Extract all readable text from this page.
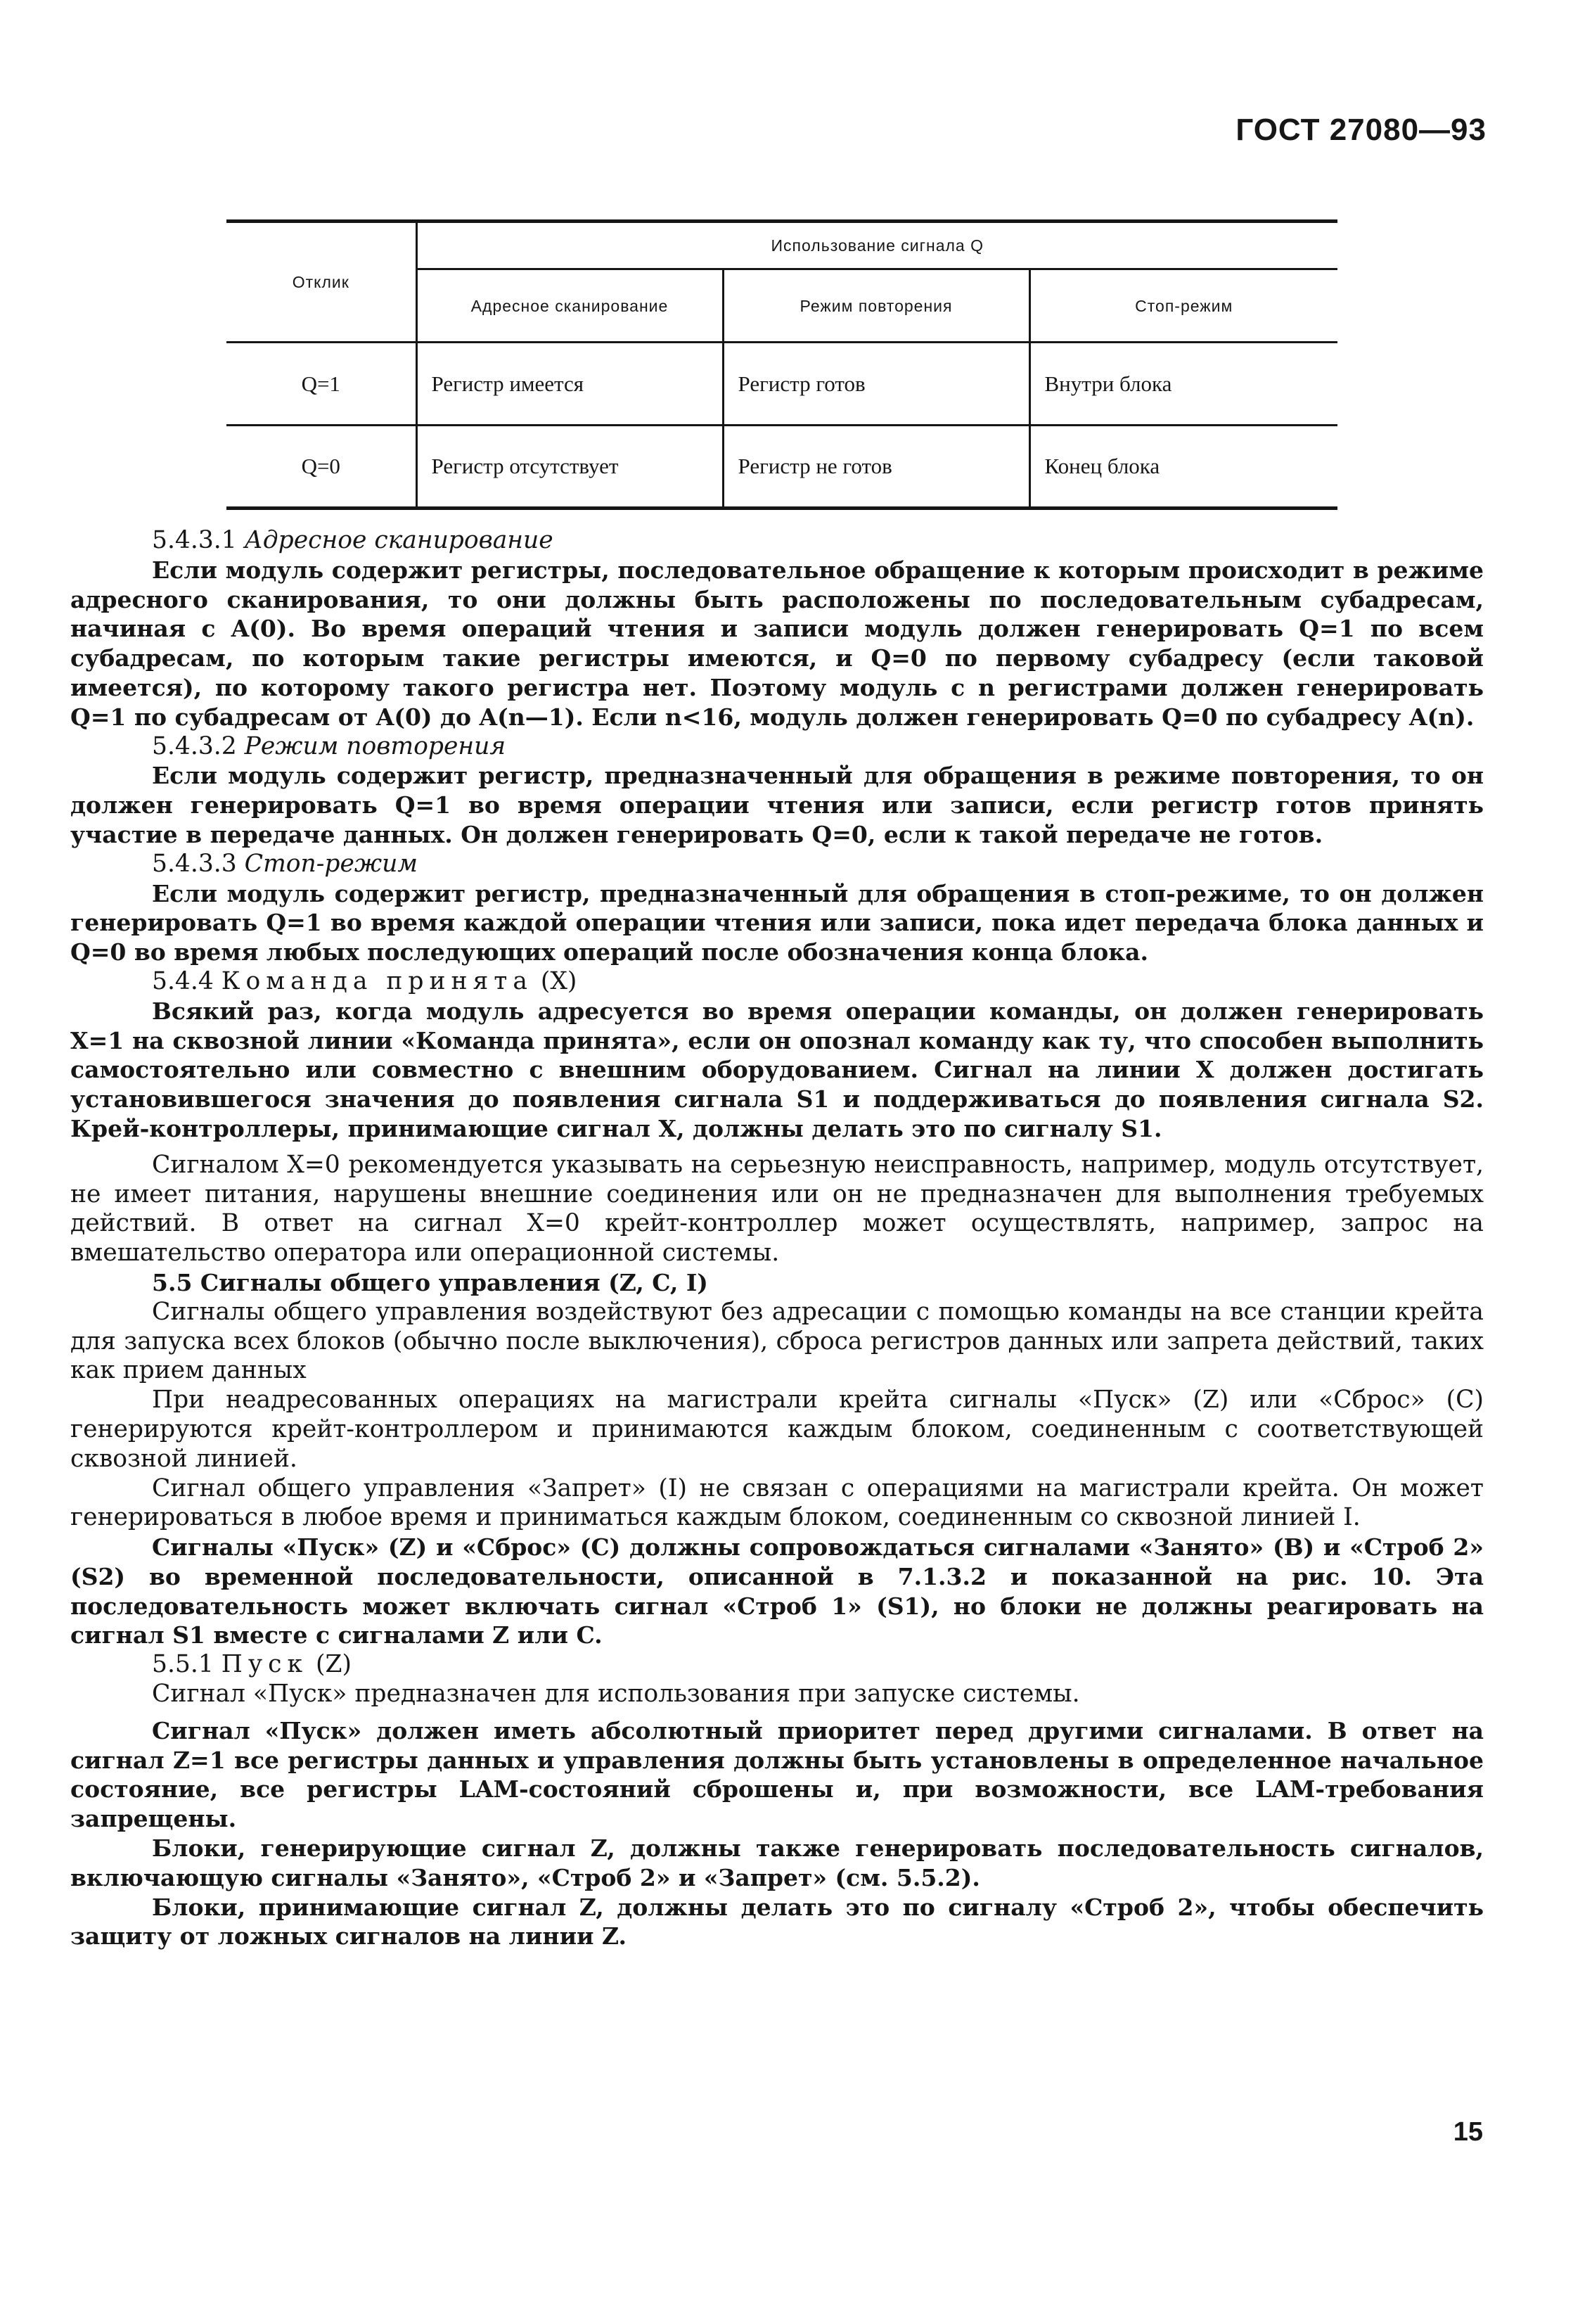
ГОСТ 27080—93
Отклик	Использование сигнала Q		
	Адресное сканирование	Режим повторения	Стоп-режим
Q=1	Регистр имеется	Регистр готов	Внутри блока
Q=0	Регистр отсутствует	Регистр не готов	Конец блока

5.4.3.1 Адресное сканирование

Если модуль содержит регистры, последовательное обращение к которым происходит в режиме адресного сканирования, то они должны быть расположены по последовательным субадресам, начиная с A(0). Во время операций чтения и записи модуль должен генерировать Q=1 по всем субадресам, по которым такие регистры имеются, и Q=0 по первому субадресу (если таковой имеется), по которому такого регистра нет. Поэтому модуль с n регистрами должен генерировать Q=1 по субадресам от A(0) до A(n—1). Если n<16, модуль должен генерировать Q=0 по субадресу A(n).

5.4.3.2 Режим повторения

Если модуль содержит регистр, предназначенный для обращения в режиме повторения, то он должен генерировать Q=1 во время операции чтения или записи, если регистр готов принять участие в передаче данных. Он должен генерировать Q=0, если к такой передаче не готов.

5.4.3.3 Стоп-режим

Если модуль содержит регистр, предназначенный для обращения в стоп-режиме, то он должен генерировать Q=1 во время каждой операции чтения или записи, пока идет передача блока данных и Q=0 во время любых последующих операций после обозначения конца блока.

5.4.4 Команда принята (X)

Всякий раз, когда модуль адресуется во время операции команды, он должен генерировать X=1 на сквозной линии «Команда принята», если он опознал команду как ту, что способен выполнить самостоятельно или совместно с внешним оборудованием. Сигнал на линии X должен достигать установившегося значения до появления сигнала S1 и поддерживаться до появления сигнала S2. Крей-контроллеры, принимающие сигнал X, должны делать это по сигналу S1.

Сигналом X=0 рекомендуется указывать на серьезную неисправность, например, модуль отсутствует, не имеет питания, нарушены внешние соединения или он не предназначен для выполнения требуемых действий. В ответ на сигнал X=0 крейт-контроллер может осуществлять, например, запрос на вмешательство оператора или операционной системы.

5.5 Сигналы общего управления (Z, C, I)

Сигналы общего управления воздействуют без адресации с помощью команды на все станции крейта для запуска всех блоков (обычно после выключения), сброса регистров данных или запрета действий, таких как прием данных

При неадресованных операциях на магистрали крейта сигналы «Пуск» (Z) или «Сброс» (C) генерируются крейт-контроллером и принимаются каждым блоком, соединенным с соответствующей сквозной линией.

Сигнал общего управления «Запрет» (I) не связан с операциями на магистрали крейта. Он может генерироваться в любое время и приниматься каждым блоком, соединенным со сквозной линией I.

Сигналы «Пуск» (Z) и «Сброс» (C) должны сопровождаться сигналами «Занято» (B) и «Строб 2» (S2) во временной последовательности, описанной в 7.1.3.2 и показанной на рис. 10. Эта последовательность может включать сигнал «Строб 1» (S1), но блоки не должны реагировать на сигнал S1 вместе с сигналами Z или C.

5.5.1 Пуск (Z)

Сигнал «Пуск» предназначен для использования при запуске системы.

Сигнал «Пуск» должен иметь абсолютный приоритет перед другими сигналами. В ответ на сигнал Z=1 все регистры данных и управления должны быть установлены в определенное начальное состояние, все регистры LAM-состояний сброшены и, при возможности, все LAM-требования запрещены.

Блоки, генерирующие сигнал Z, должны также генерировать последовательность сигналов, включающую сигналы «Занято», «Строб 2» и «Запрет» (см. 5.5.2).

Блоки, принимающие сигнал Z, должны делать это по сигналу «Строб 2», чтобы обеспечить защиту от ложных сигналов на линии Z.

15
